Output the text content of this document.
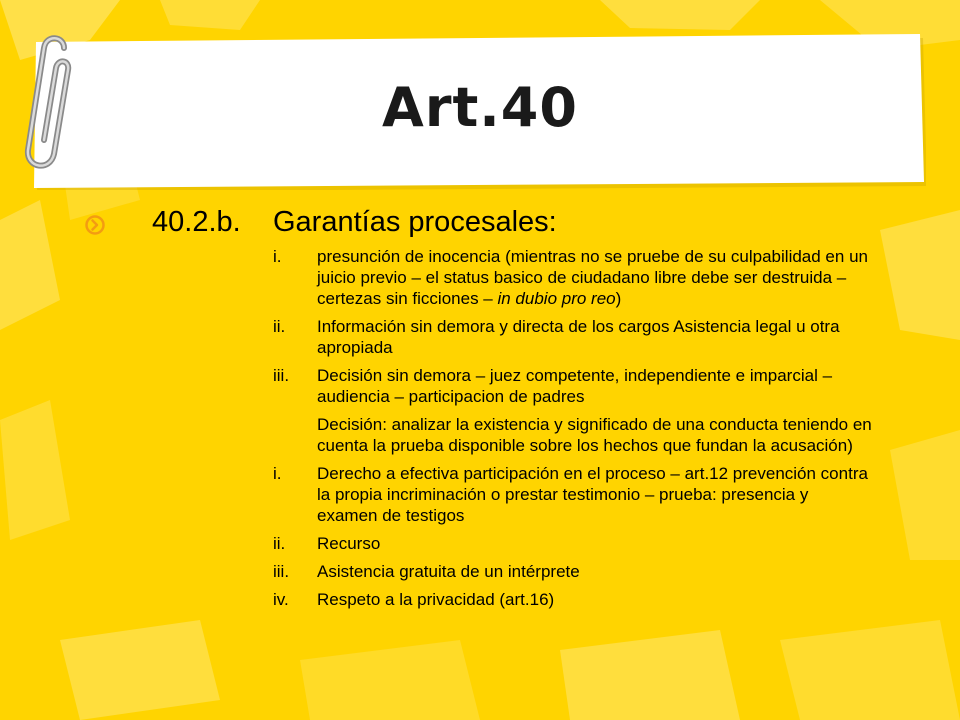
Art.40
40.2.b. Garantías procesales:
i. presunción de inocencia (mientras no se pruebe de su culpabilidad en un juicio previo – el status basico de ciudadano libre debe ser destruida – certezas sin ficciones – in dubio pro reo)
ii. Información sin demora y directa de los cargos Asistencia legal u otra apropiada
iii. Decisión sin demora – juez competente, independiente e imparcial – audiencia – participacion de padres
Decisión: analizar la existencia y significado de una conducta teniendo en cuenta la prueba disponible sobre los hechos que fundan la acusación)
i. Derecho a efectiva participación en el proceso – art.12 prevención contra la propia incriminación o prestar testimonio – prueba: presencia y examen de testigos
ii. Recurso
iii. Asistencia gratuita de un intérprete
iv. Respeto a la privacidad (art.16)
